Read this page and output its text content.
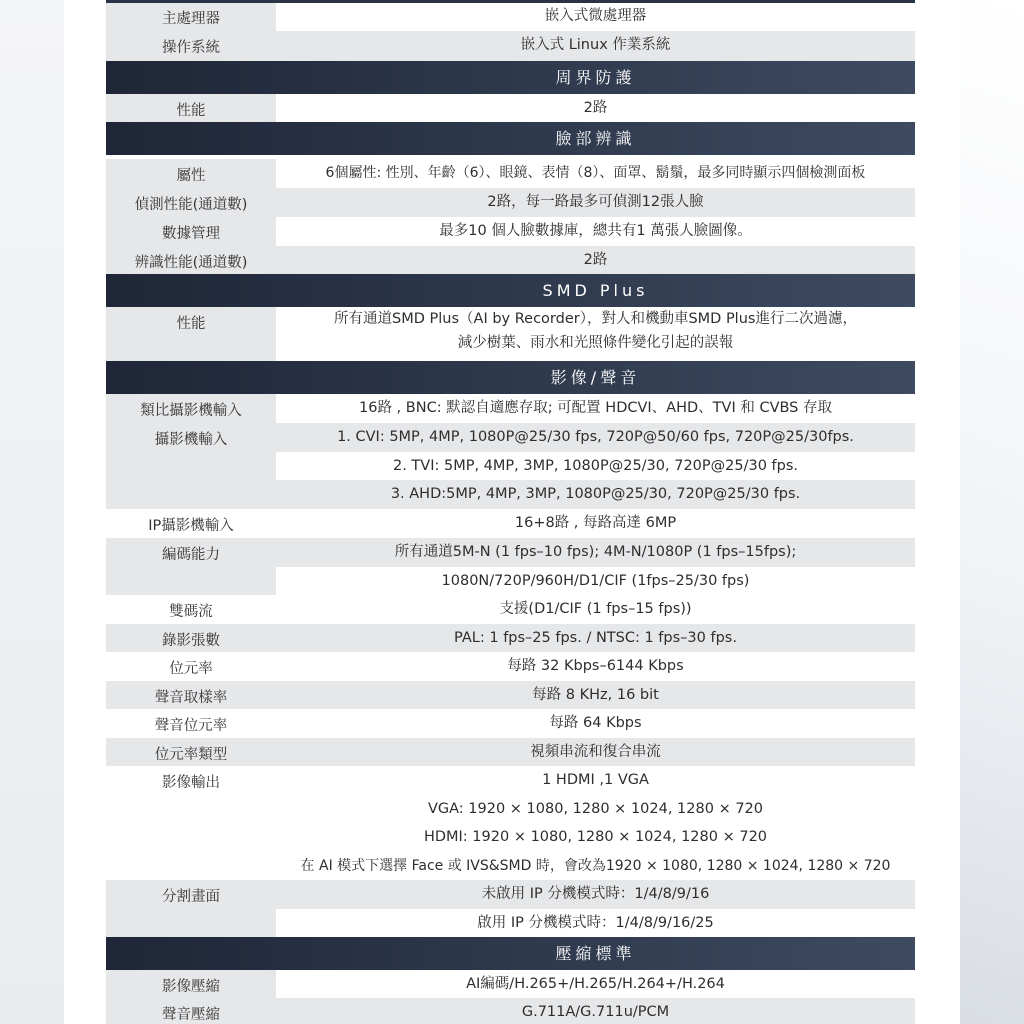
主處理器	嵌入式微處理器
操作系統	嵌入式 Linux 作業系統
周界防護
性能	2路
臉部辨識
屬性	6個屬性: 性別、年齡（6）、眼鏡、表情（8）、面罩、鬍鬚，最多同時顯示四個檢測面板
偵測性能(通道數)	2路，每一路最多可偵測12張人臉
數據管理	最多10 個人臉數據庫，總共有1 萬張人臉圖像。
辨識性能(通道數)	2路
SMD Plus
性能	所有通道SMD Plus（AI by Recorder），對人和機動車SMD Plus進行二次過濾，
減少樹葉、雨水和光照條件變化引起的誤報
影像/聲音
類比攝影機輸入	16路 , BNC: 默認自適應存取; 可配置 HDCVI、AHD、TVI 和 CVBS 存取
攝影機輸入	1. CVI: 5MP, 4MP, 1080P@25/30 fps, 720P@50/60 fps, 720P@25/30fps.
2. TVI: 5MP, 4MP, 3MP, 1080P@25/30, 720P@25/30 fps.
3. AHD:5MP, 4MP, 3MP, 1080P@25/30, 720P@25/30 fps.
IP攝影機輸入	16+8路 , 每路高達 6MP
編碼能力	所有通道5M-N (1 fps–10 fps); 4M-N/1080P (1 fps–15fps);
1080N/720P/960H/D1/CIF (1fps–25/30 fps)
雙碼流	支援(D1/CIF (1 fps–15 fps))
錄影張數	PAL: 1 fps–25 fps. / NTSC: 1 fps–30 fps.
位元率	每路 32 Kbps–6144 Kbps
聲音取樣率	每路 8 KHz, 16 bit
聲音位元率	每路 64 Kbps
位元率類型	視頻串流和復合串流
影像輸出	1 HDMI ,1 VGA
VGA: 1920 × 1080, 1280 × 1024, 1280 × 720
HDMI: 1920 × 1080, 1280 × 1024, 1280 × 720
在 AI 模式下選擇 Face 或 IVS&SMD 時，會改為1920 × 1080, 1280 × 1024, 1280 × 720
分割畫面	未啟用 IP 分機模式時：1/4/8/9/16
啟用 IP 分機模式時：1/4/8/9/16/25
壓縮標準
影像壓縮	AI編碼/H.265+/H.265/H.264+/H.264
聲音壓縮	G.711A/G.711u/PCM
